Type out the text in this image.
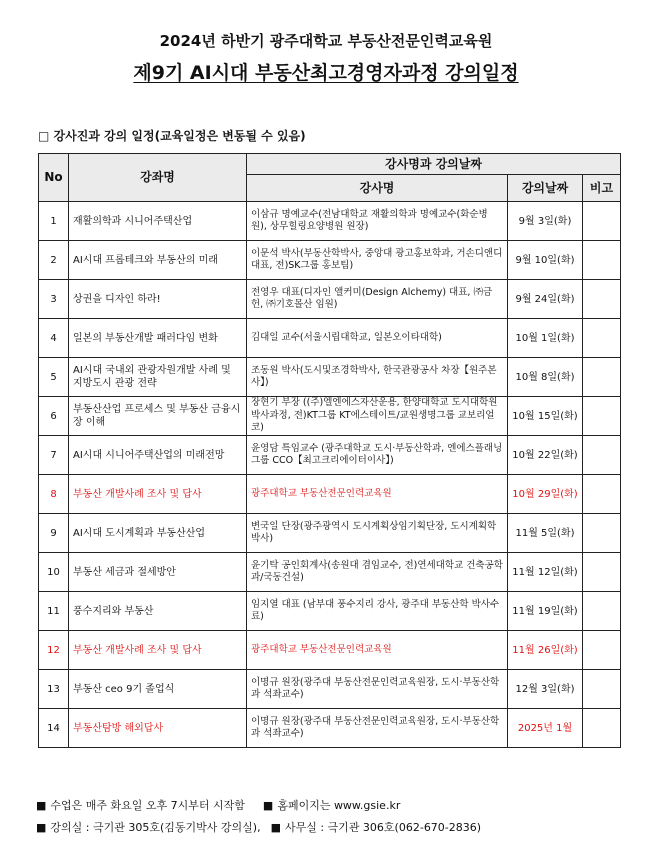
2024년 하반기 광주대학교 부동산전문인력교육원
제9기 AI시대 부동산최고경영자과정 강의일정
□ 강사진과 강의 일정(교육일정은 변동될 수 있음)
No	강좌명	강사명과 강의날짜		
		강사명	강의날짜	비고
1	재활의학과 시니어주택산업	이삼규 명예교수(전남대학교 재활의학과 명예교수(화순병원), 상무힐링요양병원 원장)	9월 3일(화)	
2	AI시대 프롭테크와 부동산의 미래	이문석 박사(부동산학박사, 중앙대 광고홍보학과, 거손디앤디 대표, 전)SK그룹 홍보팀)	9월 10일(화)	
3	상권을 디자인 하라!	전영우 대표(디자인 앨커미(Design Alchemy) 대표, ㈜금헌, ㈜기호몰산 임원)	9월 24일(화)	
4	일본의 부동산개발 패러다임 변화	김대일 교수(서울시립대학교, 일본오이타대학)	10월 1일(화)	
5	AI시대 국내외 관광자원개발 사례 및 지방도시 관광 전략	조동원 박사(도시및조경학박사, 한국관광공사 차장【원주본사】)	10월 8일(화)	
6	부동산산업 프로세스 및 부동산 금융시장 이해	장현기 부장 ((주)엘엔에스자산운용, 한양대학교 도시대학원 박사과정, 전)KT그룹 KT에스테이트/교원생명그룹 교보리얼코)	10월 15일(화)	
7	AI시대 시니어주택산업의 미래전망	윤영담 특임교수 (광주대학교 도시·부동산학과, 엔에스플래닝그룹 CCO【최고크리에이터이사】)	10월 22일(화)	
8	부동산 개발사례 조사 및 답사	광주대학교 부동산전문인력교육원	10월 29일(화)	
9	AI시대 도시계획과 부동산산업	변국일 단장(광주광역시 도시계획상임기획단장, 도시계획학 박사)	11월 5일(화)	
10	부동산 세금과 절세방안	윤기탁 공인회계사(송원대 겸임교수, 전)연세대학교 건축공학과/국동건설)	11월 12일(화)	
11	풍수지리와 부동산	임지열 대표 (남부대 풍수지리 강사, 광주대 부동산학 박사수료)	11월 19일(화)	
12	부동산 개발사례 조사 및 답사	광주대학교 부동산전문인력교육원	11월 26일(화)	
13	부동산 ceo 9기 졸업식	이명규 원장(광주대 부동산전문인력교육원장, 도시·부동산학과 석좌교수)	12월 3일(화)	
14	부동산탐방 해외답사	이명규 원장(광주대 부동산전문인력교육원장, 도시·부동산학과 석좌교수)	2025년 1월	
■ 수업은 매주 화요일 오후 7시부터 시작함 ■ 홈페이지는 www.gsie.kr
■ 강의실 : 극기관 305호(김동기박사 강의실), ■ 사무실 : 극기관 306호(062-670-2836)
